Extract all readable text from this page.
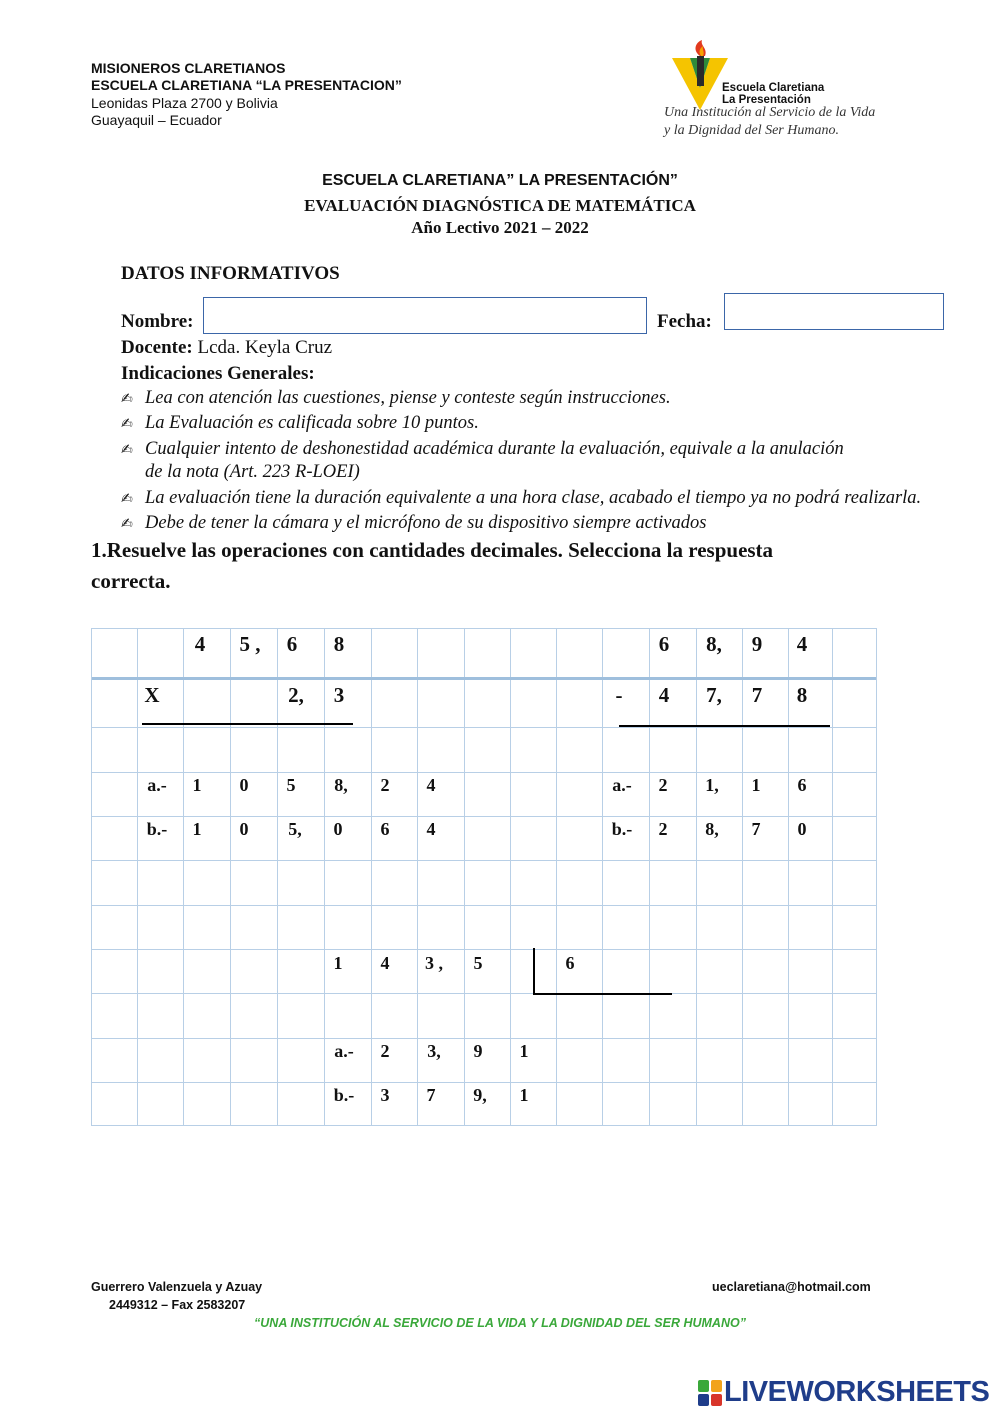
MISIONEROS CLARETIANOS
ESCUELA CLARETIANA “LA PRESENTACION”
Leonidas Plaza 2700 y Bolivia
Guayaquil – Ecuador
Escuela Claretiana
La Presentación
Una Institución al Servicio de la Vida
y la Dignidad del Ser Humano.
ESCUELA CLARETIANA” LA PRESENTACIÓN”
EVALUACIÓN DIAGNÓSTICA DE MATEMÁTICA
Año Lectivo 2021 – 2022
DATOS INFORMATIVOS
Nombre:	Fecha:
Docente: Lcda. Keyla Cruz
Indicaciones Generales:
✍ Lea con atención las cuestiones, piense y conteste según instrucciones.
✍ La Evaluación es calificada sobre 10 puntos.
✍ Cualquier intento de deshonestidad académica durante la evaluación, equivale a la anulación
de la nota (Art. 223 R-LOEI)
✍ La evaluación tiene la duración equivalente a una hora clase, acabado el tiempo ya no podrá realizarla.
✍ Debe de tener la cámara y el micrófono de su dispositivo siempre activados
1.Resuelve las operaciones con cantidades decimales. Selecciona la respuesta
correcta.
4	5 ,	6	8
X	2,	3
a.-	1	0	5	8,	2	4
b.-	1	0	5,	0	6	4
6	8,	9	4
-	4	7,	7	8
a.-	2	1,	1	6
b.-	2	8,	7	0
1	4	3 ,	5	6
a.-	2	3,	9	1
b.-	3	7	9,	1
Guerrero Valenzuela y Azuay
2449312 – Fax 2583207
ueclaretiana@hotmail.com
“UNA INSTITUCIÓN AL SERVICIO DE LA VIDA Y LA DIGNIDAD DEL SER HUMANO”
LIVEWORKSHEETS
